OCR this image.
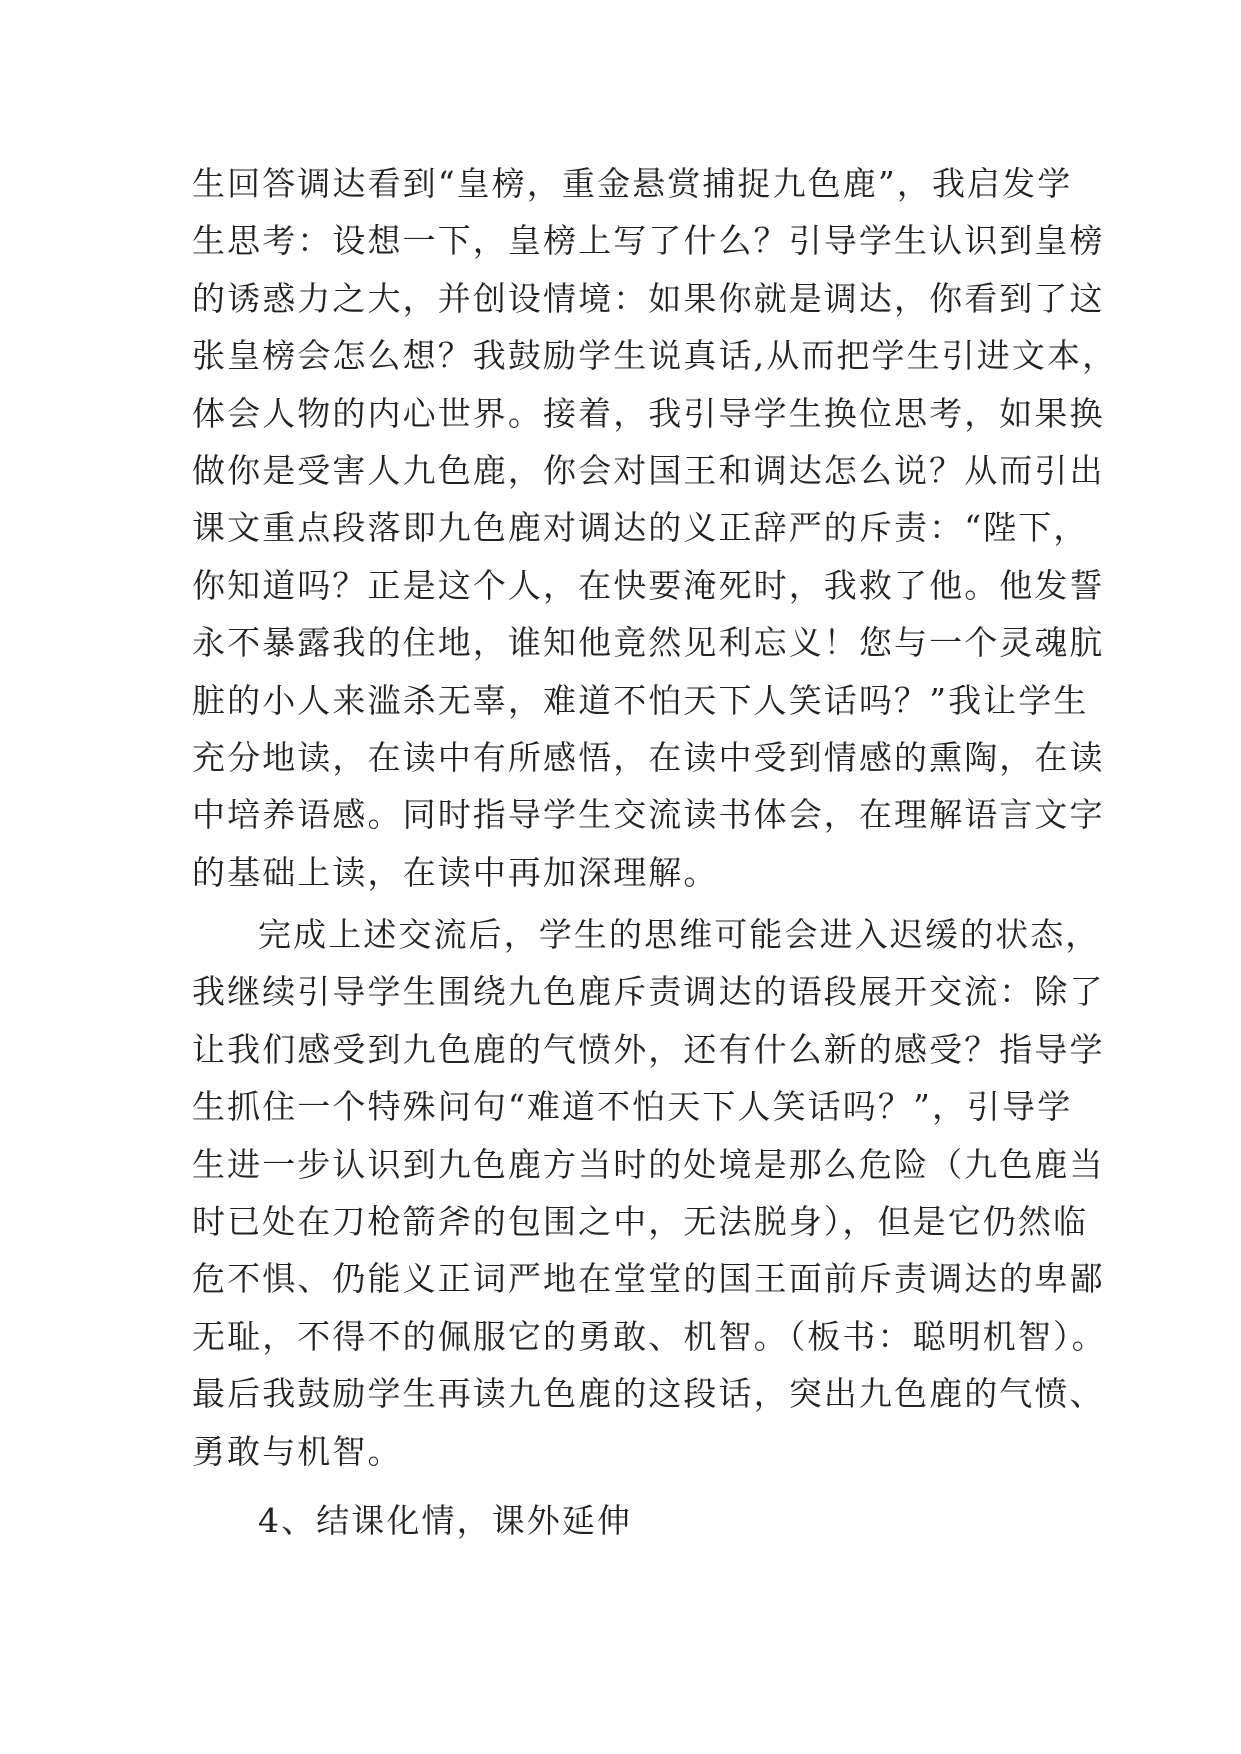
生回答调达看到“皇榜，重金悬赏捕捉九色鹿”，我启发学
生思考：设想一下，皇榜上写了什么？引导学生认识到皇榜
的诱惑力之大，并创设情境：如果你就是调达，你看到了这
张皇榜会怎么想？我鼓励学生说真话,从而把学生引进文本，
体会人物的内心世界。接着，我引导学生换位思考，如果换
做你是受害人九色鹿，你会对国王和调达怎么说？从而引出
课文重点段落即九色鹿对调达的义正辞严的斥责：“陛下，
你知道吗？正是这个人，在快要淹死时，我救了他。他发誓
永不暴露我的住地，谁知他竟然见利忘义！您与一个灵魂肮
脏的小人来滥杀无辜，难道不怕天下人笑话吗？”我让学生
充分地读，在读中有所感悟，在读中受到情感的熏陶，在读
中培养语感。同时指导学生交流读书体会，在理解语言文字
的基础上读，在读中再加深理解。
完成上述交流后，学生的思维可能会进入迟缓的状态，
我继续引导学生围绕九色鹿斥责调达的语段展开交流：除了
让我们感受到九色鹿的气愤外，还有什么新的感受？指导学
生抓住一个特殊问句“难道不怕天下人笑话吗？”，引导学
生进一步认识到九色鹿方当时的处境是那么危险（九色鹿当
时已处在刀枪箭斧的包围之中，无法脱身），但是它仍然临
危不惧、仍能义正词严地在堂堂的国王面前斥责调达的卑鄙
无耻，不得不的佩服它的勇敢、机智。（板书：聪明机智）。
最后我鼓励学生再读九色鹿的这段话，突出九色鹿的气愤、
勇敢与机智。
4、结课化情，课外延伸
